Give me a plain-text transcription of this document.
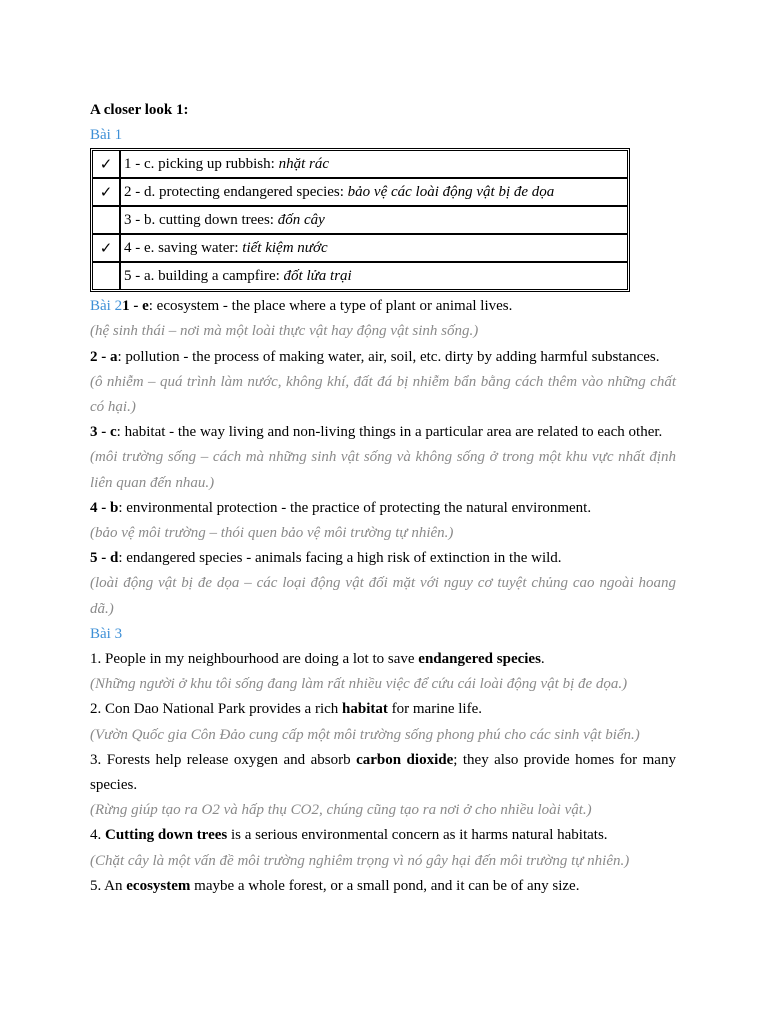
A closer look 1:

Bài 1

✓	1 - c. picking up rubbish: nhặt rác
✓	2 - d. protecting endangered species: bảo vệ các loài động vật bị đe dọa
	3 - b. cutting down trees: đốn cây
✓	4 - e. saving water: tiết kiệm nước
	5 - a. building a campfire: đốt lửa trại

Bài 21 - e: ecosystem - the place where a type of plant or animal lives.

(hệ sinh thái – nơi mà một loài thực vật hay động vật sinh sống.)

2 - a: pollution - the process of making water, air, soil, etc. dirty by adding harmful substances.

(ô nhiễm – quá trình làm nước, không khí, đất đá bị nhiễm bẩn bằng cách thêm vào những chất có hại.)

3 - c: habitat - the way living and non-living things in a particular area are related to each other.

(môi trường sống – cách mà những sinh vật sống và không sống ở trong một khu vực nhất định liên quan đến nhau.)

4 - b: environmental protection - the practice of protecting the natural environment.

(bảo vệ môi trường – thói quen bảo vệ môi trường tự nhiên.)

5 - d: endangered species - animals facing a high risk of extinction in the wild.

(loài động vật bị đe dọa – các loại động vật đối mặt với nguy cơ tuyệt chủng cao ngoài hoang dã.)

Bài 3

1. People in my neighbourhood are doing a lot to save endangered species.

(Những người ở khu tôi sống đang làm rất nhiều việc để cứu cái loài động vật bị đe dọa.)

2. Con Dao National Park provides a rich habitat for marine life.

(Vườn Quốc gia Côn Đảo cung cấp một môi trường sống phong phú cho các sinh vật biển.)

3. Forests help release oxygen and absorb carbon dioxide; they also provide homes for many species.

(Rừng giúp tạo ra O2 và hấp thụ CO2, chúng cũng tạo ra nơi ở cho nhiều loài vật.)

4. Cutting down trees is a serious environmental concern as it harms natural habitats.

(Chặt cây là một vấn đề môi trường nghiêm trọng vì nó gây hại đến môi trường tự nhiên.)

5. An ecosystem maybe a whole forest, or a small pond, and it can be of any size.
